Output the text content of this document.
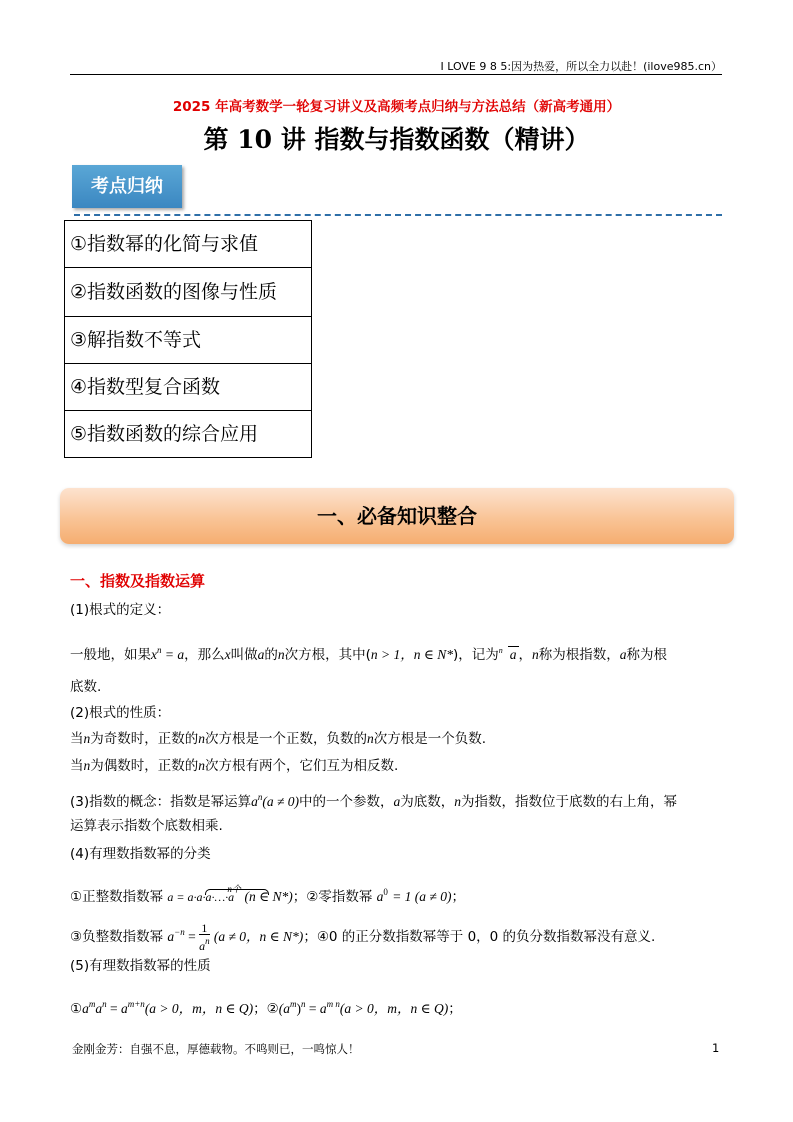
I LOVE 9 8 5:因为热爱，所以全力以赴！(ilove985.cn）
2025 年高考数学一轮复习讲义及高频考点归纳与方法总结（新高考通用）
第 10 讲 指数与指数函数（精讲）
考点归纳
①指数幂的化简与求值
②指数函数的图像与性质
③解指数不等式
④指数型复合函数
⑤指数函数的综合应用
一、必备知识整合
一、指数及指数运算
(1)根式的定义：
一般地，如果$x^n = a$，那么x叫做a的n次方根，其中(n > 1，n ∈ N*)，记为 n a ，n称为根指数，a称为根
底数.
(2)根式的性质：
当n为奇数时，正数的n次方根是一个正数，负数的n次方根是一个负数.
当n为偶数时，正数的n次方根有两个，它们互为相反数.
(3)指数的概念：指数是幂运算$a^n(a \ne 0)$中的一个参数，a为底数，n为指数，指数位于底数的右上角，幂
运算表示指数个底数相乘.
(4)有理数指数幂的分类
①正整数指数幂	n个
a = a·a·a·…·a (n ∈ N*)；②零指数幂 $a^0 = 1$ (a ≠ 0)；
③负整数指数幂 $a^{-n} = \frac{1}{a^n} (a \ne 0$，n ∈ N*)；④0 的正分数指数幂等于 0，0 的负分数指数幂没有意义.
(5)有理数指数幂的性质
$①a^ma^n = a^{m+n}(a > 0$，m，n ∈ Q)；$②(a^m)^n = a^{m n}(a > 0$，m，n ∈ Q)；
金刚金芳：自强不息，厚德载物。不鸣则已，一鸣惊人！	1
